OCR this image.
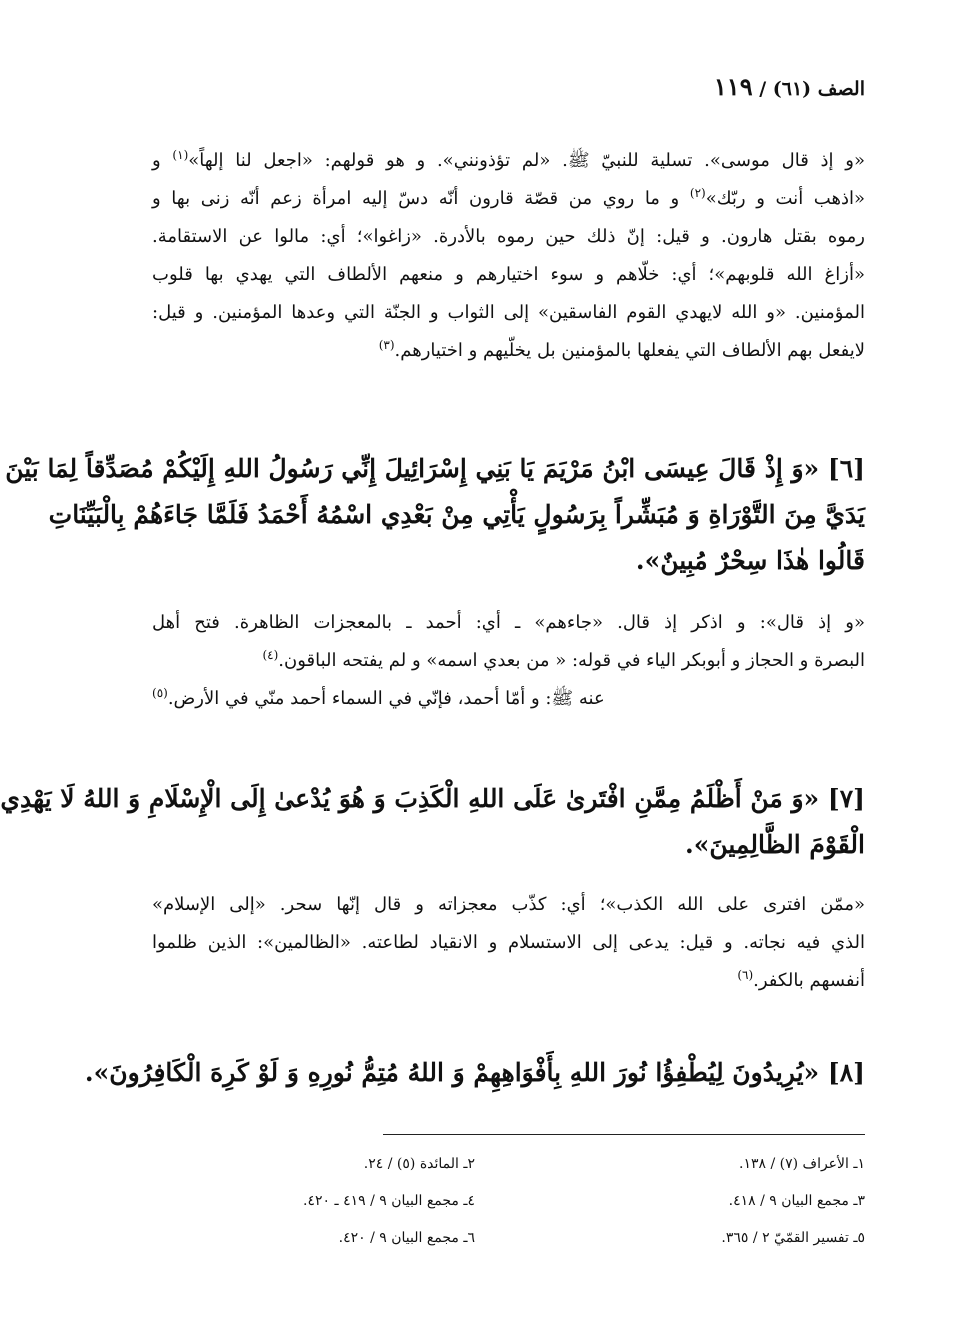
الصف (٦١) / ١١٩
«و إذ قال موسى». تسلية للنبيّ ﷺ. «لم تؤذونني». و هو قولهم: «اجعل لنا إلهاً»$^{(١)}$ و
«اذهب أنت و ربّك»$^{(٢)}$ و ما روي من قصّة قارون أنّه دسّ إليه امرأة زعم أنّه زنى بها و
رموه بقتل هارون. و قيل: إنّ ذلك حين رموه بالأدرة. «زاغوا»؛ أي: مالوا عن الاستقامة.
«أزاغ الله قلوبهم»؛ أي: خلّاهم و سوء اختيارهم و منعهم الألطاف التي يهدي بها قلوب
المؤمنين. «و الله لايهدي القوم الفاسقين» إلى الثواب و الجنّة التي وعدها المؤمنين. و قيل:
لايفعل بهم الألطاف التي يفعلها بالمؤمنين بل يخلّيهم و اختيارهم.$^{(٣)}$
[٦] «وَ إِذْ قَالَ عِيسَى ابْنُ مَرْيَمَ يَا بَنِي إِسْرَائِيلَ إِنِّي رَسُولُ اللهِ إِلَيْكُمْ مُصَدِّقاً لِمَا بَيْنَ
يَدَيَّ مِنَ التَّوْرَاةِ وَ مُبَشِّراً بِرَسُولٍ يَأْتِي مِنْ بَعْدِي اسْمُهُ أَحْمَدُ فَلَمَّا جَاءَهُمْ بِالْبَيِّنَاتِ
قَالُوا هٰذَا سِحْرٌ مُبِينٌ».
«و إذ قال»: و اذكر إذ قال. «جاءهم» ـ أي: أحمد ـ بالمعجزات الظاهرة. فتح أهل
البصرة و الحجاز و أبوبكر الياء في قوله: « من بعدي اسمه» و لم يفتحه الباقون.$^{(٤)}$
عنه ﷺ: و أمّا أحمد، فإنّي في السماء أحمد منّي في الأرض.$^{(٥)}$
[٧] «وَ مَنْ أَظْلَمُ مِمَّنِ افْتَرىٰ عَلَى اللهِ الْكَذِبَ وَ هُوَ يُدْعىٰ إِلَى الْإِسْلَامِ وَ اللهُ لَا يَهْدِي
الْقَوْمَ الظَّالِمِينَ».
«ممّن افترى على الله الكذب»؛ أي: كذّب معجزاته و قال إنّها سحر. «إلى الإسلام»
الذي فيه نجاته. و قيل: يدعى إلى الاستسلام و الانقياد لطاعته. «الظالمين»: الذين ظلموا
أنفسهم بالكفر.$^{(٦)}$
[٨] «يُرِيدُونَ لِيُطْفِؤُا نُورَ اللهِ بِأَفْوَاهِهِمْ وَ اللهُ مُتِمُّ نُورِهِ وَ لَوْ كَرِهَ الْكَافِرُونَ».
١ـ الأعراف (٧) / ١٣٨.
٢ـ المائدة (٥) / ٢٤.
٣ـ مجمع البيان ٩ / ٤١٨.
٤ـ مجمع البيان ٩ / ٤١٩ ـ ٤٢٠.
٥ـ تفسير القمّيّ ٢ / ٣٦٥.
٦ـ مجمع البيان ٩ / ٤٢٠.
